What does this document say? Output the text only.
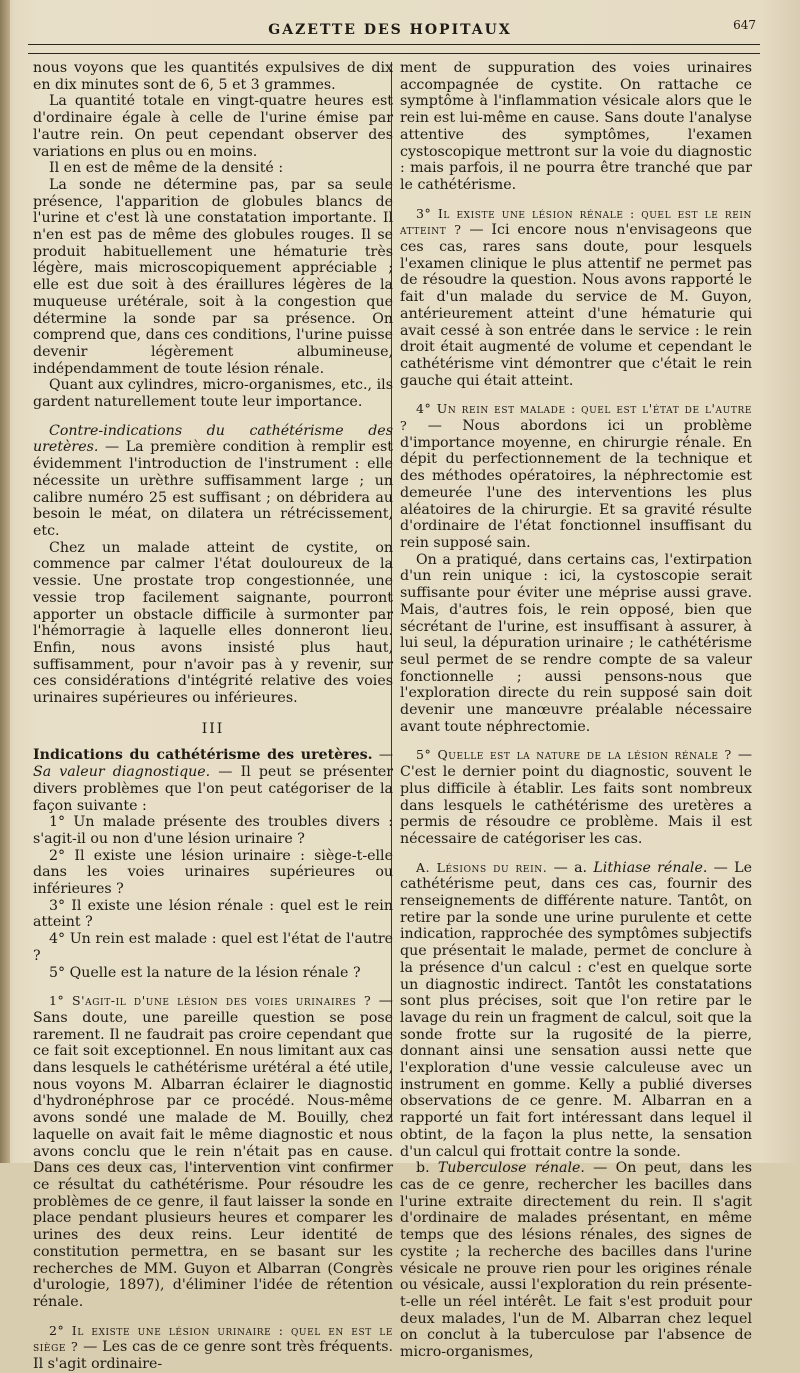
GAZETTE DES HOPITAUX	647

nous voyons que les quantités expulsives de dix en dix minutes sont de 6, 5 et 3 grammes.

La quantité totale en vingt-quatre heures est d'ordinaire égale à celle de l'urine émise par l'autre rein. On peut cependant observer des variations en plus ou en moins.

Il en est de même de la densité :

La sonde ne détermine pas, par sa seule présence, l'apparition de globules blancs de l'urine et c'est là une constatation importante. Il n'en est pas de même des globules rouges. Il se produit habituellement une hématurie très légère, mais microscopiquement appréciable ; elle est due soit à des éraillures légères de la muqueuse urétérale, soit à la congestion que détermine la sonde par sa présence. On comprend que, dans ces conditions, l'urine puisse devenir légèrement albumineuse, indépendamment de toute lésion rénale.

Quant aux cylindres, micro-organismes, etc., ils gardent naturellement toute leur importance.

Contre-indications du cathétérisme des uretères. — La première condition à remplir est évidemment l'introduction de l'instrument : elle nécessite un urèthre suffisamment large ; un calibre numéro 25 est suffisant ; on débridera au besoin le méat, on dilatera un rétrécissement, etc.

Chez un malade atteint de cystite, on commence par calmer l'état douloureux de la vessie. Une prostate trop congestionnée, une vessie trop facilement saignante, pourront apporter un obstacle difficile à surmonter par l'hémorragie à laquelle elles donneront lieu. Enfin, nous avons insisté plus haut, suffisamment, pour n'avoir pas à y revenir, sur ces considérations d'intégrité relative des voies urinaires supérieures ou inférieures.

III

Indications du cathétérisme des uretères. — Sa valeur diagnostique. — Il peut se présenter divers problèmes que l'on peut catégoriser de la façon suivante :

1° Un malade présente des troubles divers : s'agit-il ou non d'une lésion urinaire ?

2° Il existe une lésion urinaire : siège-t-elle dans les voies urinaires supérieures ou inférieures ?

3° Il existe une lésion rénale : quel est le rein atteint ?

4° Un rein est malade : quel est l'état de l'autre ?

5° Quelle est la nature de la lésion rénale ?

1° S'agit-il d'une lésion des voies urinaires ? — Sans doute, une pareille question se pose rarement. Il ne faudrait pas croire cependant que ce fait soit exceptionnel. En nous limitant aux cas dans lesquels le cathétérisme urétéral a été utile, nous voyons M. Albarran éclairer le diagnostic d'hydronéphrose par ce procédé. Nous-même avons sondé une malade de M. Bouilly, chez laquelle on avait fait le même diagnostic et nous avons conclu que le rein n'était pas en cause. Dans ces deux cas, l'intervention vint confirmer ce résultat du cathétérisme. Pour résoudre les problèmes de ce genre, il faut laisser la sonde en place pendant plusieurs heures et comparer les urines des deux reins. Leur identité de constitution permettra, en se basant sur les recherches de MM. Guyon et Albarran (Congrès d'urologie, 1897), d'éliminer l'idée de rétention rénale.

2° Il existe une lésion urinaire : quel en est le siège ? — Les cas de ce genre sont très fréquents. Il s'agit ordinaire-

ment de suppuration des voies urinaires accompagnée de cystite. On rattache ce symptôme à l'inflammation vésicale alors que le rein est lui-même en cause. Sans doute l'analyse attentive des symptômes, l'examen cystoscopique mettront sur la voie du diagnostic : mais parfois, il ne pourra être tranché que par le cathétérisme.

3° Il existe une lésion rénale : quel est le rein atteint ? — Ici encore nous n'envisageons que ces cas, rares sans doute, pour lesquels l'examen clinique le plus attentif ne permet pas de résoudre la question. Nous avons rapporté le fait d'un malade du service de M. Guyon, antérieurement atteint d'une hématurie qui avait cessé à son entrée dans le service : le rein droit était augmenté de volume et cependant le cathétérisme vint démontrer que c'était le rein gauche qui était atteint.

4° Un rein est malade : quel est l'état de l'autre ? — Nous abordons ici un problème d'importance moyenne, en chirurgie rénale. En dépit du perfectionnement de la technique et des méthodes opératoires, la néphrectomie est demeurée l'une des interventions les plus aléatoires de la chirurgie. Et sa gravité résulte d'ordinaire de l'état fonctionnel insuffisant du rein supposé sain.

On a pratiqué, dans certains cas, l'extirpation d'un rein unique : ici, la cystoscopie serait suffisante pour éviter une méprise aussi grave. Mais, d'autres fois, le rein opposé, bien que sécrétant de l'urine, est insuffisant à assurer, à lui seul, la dépuration urinaire ; le cathétérisme seul permet de se rendre compte de sa valeur fonctionnelle ; aussi pensons-nous que l'exploration directe du rein supposé sain doit devenir une manœuvre préalable nécessaire avant toute néphrectomie.

5° Quelle est la nature de la lésion rénale ? — C'est le dernier point du diagnostic, souvent le plus difficile à établir. Les faits sont nombreux dans lesquels le cathétérisme des uretères a permis de résoudre ce problème. Mais il est nécessaire de catégoriser les cas.

A. Lésions du rein. — a. Lithiase rénale. — Le cathétérisme peut, dans ces cas, fournir des renseignements de différente nature. Tantôt, on retire par la sonde une urine purulente et cette indication, rapprochée des symptômes subjectifs que présentait le malade, permet de conclure à la présence d'un calcul : c'est en quelque sorte un diagnostic indirect. Tantôt les constatations sont plus précises, soit que l'on retire par le lavage du rein un fragment de calcul, soit que la sonde frotte sur la rugosité de la pierre, donnant ainsi une sensation aussi nette que l'exploration d'une vessie calculeuse avec un instrument en gomme. Kelly a publié diverses observations de ce genre. M. Albarran en a rapporté un fait fort intéressant dans lequel il obtint, de la façon la plus nette, la sensation d'un calcul qui frottait contre la sonde.

b. Tuberculose rénale. — On peut, dans les cas de ce genre, rechercher les bacilles dans l'urine extraite directement du rein. Il s'agit d'ordinaire de malades présentant, en même temps que des lésions rénales, des signes de cystite ; la recherche des bacilles dans l'urine vésicale ne prouve rien pour les origines rénale ou vésicale, aussi l'exploration du rein présente-t-elle un réel intérêt. Le fait s'est produit pour deux malades, l'un de M. Albarran chez lequel on conclut à la tuberculose par l'absence de micro-organismes,
